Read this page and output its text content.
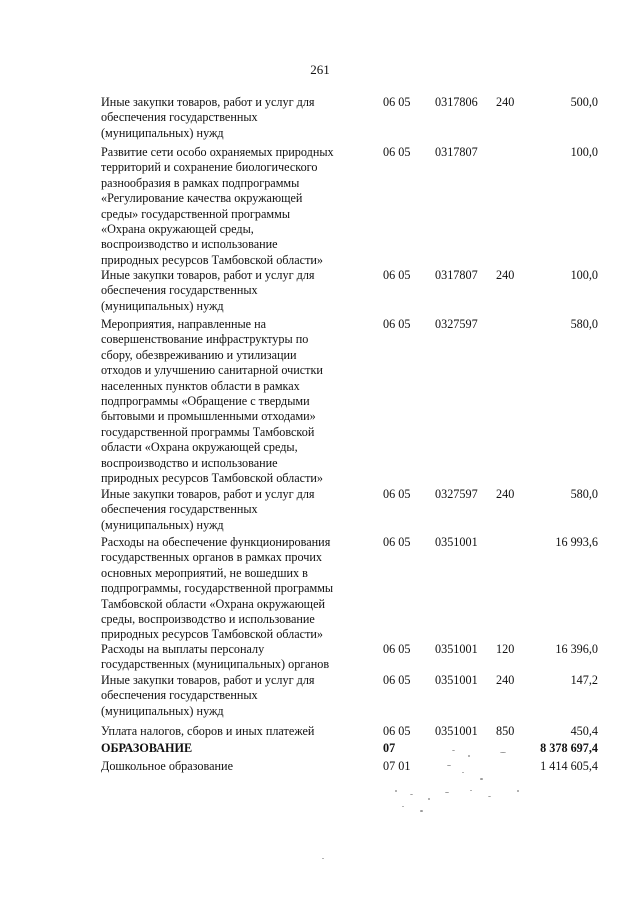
261
Иные закупки товаров, работ и услуг для
обеспечения государственных
(муниципальных) нужд
06 05 0317806 240	500,0
Развитие сети особо охраняемых природных
территорий и сохранение биологического
разнообразия в рамках подпрограммы
«Регулирование качества окружающей
среды» государственной программы
«Охрана окружающей среды,
воспроизводство и использование
природных ресурсов Тамбовской области»
06 05 0317807	100,0
Иные закупки товаров, работ и услуг для
обеспечения государственных
(муниципальных) нужд
06 05 0317807 240	100,0
Мероприятия, направленные на
совершенствование инфраструктуры по
сбору, обезвреживанию и утилизации
отходов и улучшению санитарной очистки
населенных пунктов области в рамках
подпрограммы «Обращение с твердыми
бытовыми и промышленными отходами»
государственной программы Тамбовской
области «Охрана окружающей среды,
воспроизводство и использование
природных ресурсов Тамбовской области»
06 05 0327597	580,0
Иные закупки товаров, работ и услуг для
обеспечения государственных
(муниципальных) нужд
06 05 0327597 240	580,0
Расходы на обеспечение функционирования
государственных органов в рамках прочих
основных мероприятий, не вошедших в
подпрограммы, государственной программы
Тамбовской области «Охрана окружающей
среды, воспроизводство и использование
природных ресурсов Тамбовской области»
06 05 0351001	16 993,6
Расходы на выплаты персоналу
государственных (муниципальных) органов
06 05 0351001 120	16 396,0
Иные закупки товаров, работ и услуг для
обеспечения государственных
(муниципальных) нужд
06 05 0351001 240	147,2
Уплата налогов, сборов и иных платежей	06 05 0351001 850	450,4
ОБРАЗОВАНИЕ	07	8 378 697,4
Дошкольное образование	07 01	1 414 605,4
